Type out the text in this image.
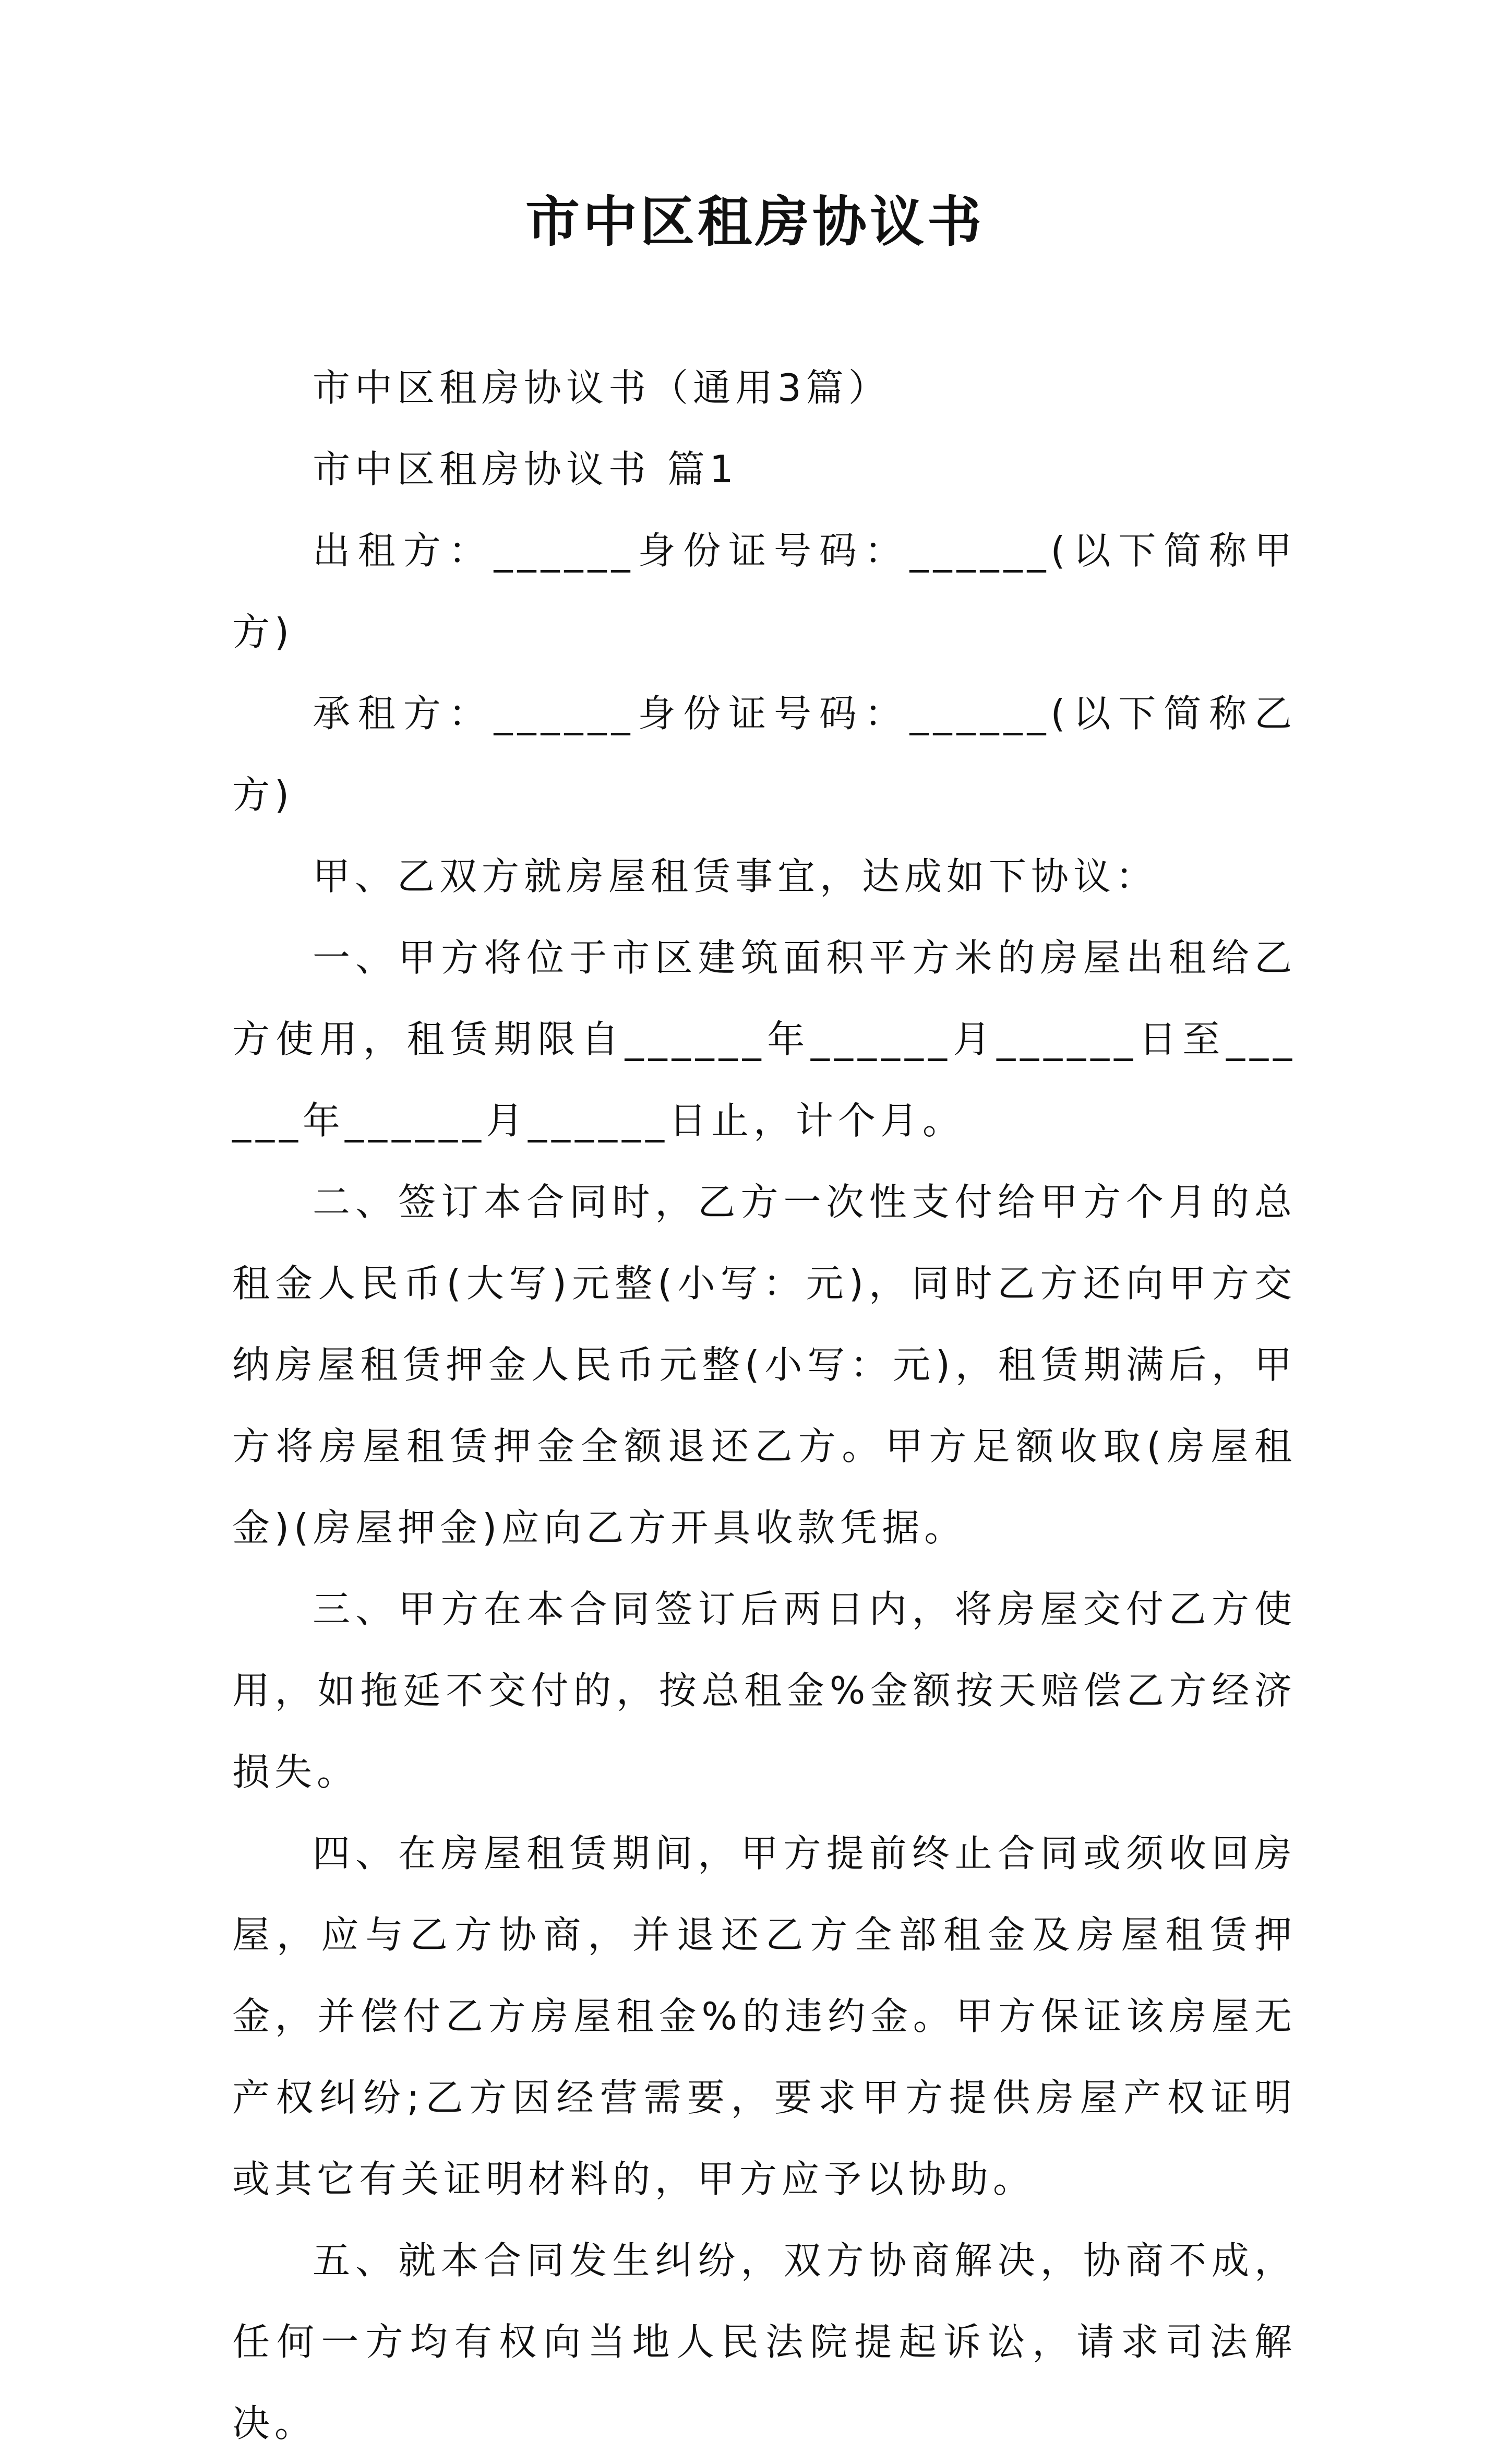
市中区租房协议书

市中区租房协议书（通用3篇）

市中区租房协议书 篇1

出租方：______身份证号码：______(以下简称甲方)

承租方：______身份证号码：______(以下简称乙方)

甲、乙双方就房屋租赁事宜，达成如下协议：

一、甲方将位于市区建筑面积平方米的房屋出租给乙方使用，租赁期限自______年______月______日至______年______月______日止，计个月。

二、签订本合同时，乙方一次性支付给甲方个月的总租金人民币(大写)元整(小写：元)，同时乙方还向甲方交纳房屋租赁押金人民币元整(小写：元)，租赁期满后，甲方将房屋租赁押金全额退还乙方。甲方足额收取(房屋租金)(房屋押金)应向乙方开具收款凭据。

三、甲方在本合同签订后两日内，将房屋交付乙方使用，如拖延不交付的，按总租金%金额按天赔偿乙方经济损失。

四、在房屋租赁期间，甲方提前终止合同或须收回房屋，应与乙方协商，并退还乙方全部租金及房屋租赁押金，并偿付乙方房屋租金%的违约金。甲方保证该房屋无产权纠纷;乙方因经营需要，要求甲方提供房屋产权证明或其它有关证明材料的，甲方应予以协助。

五、就本合同发生纠纷，双方协商解决，协商不成，任何一方均有权向当地人民法院提起诉讼，请求司法解决。
